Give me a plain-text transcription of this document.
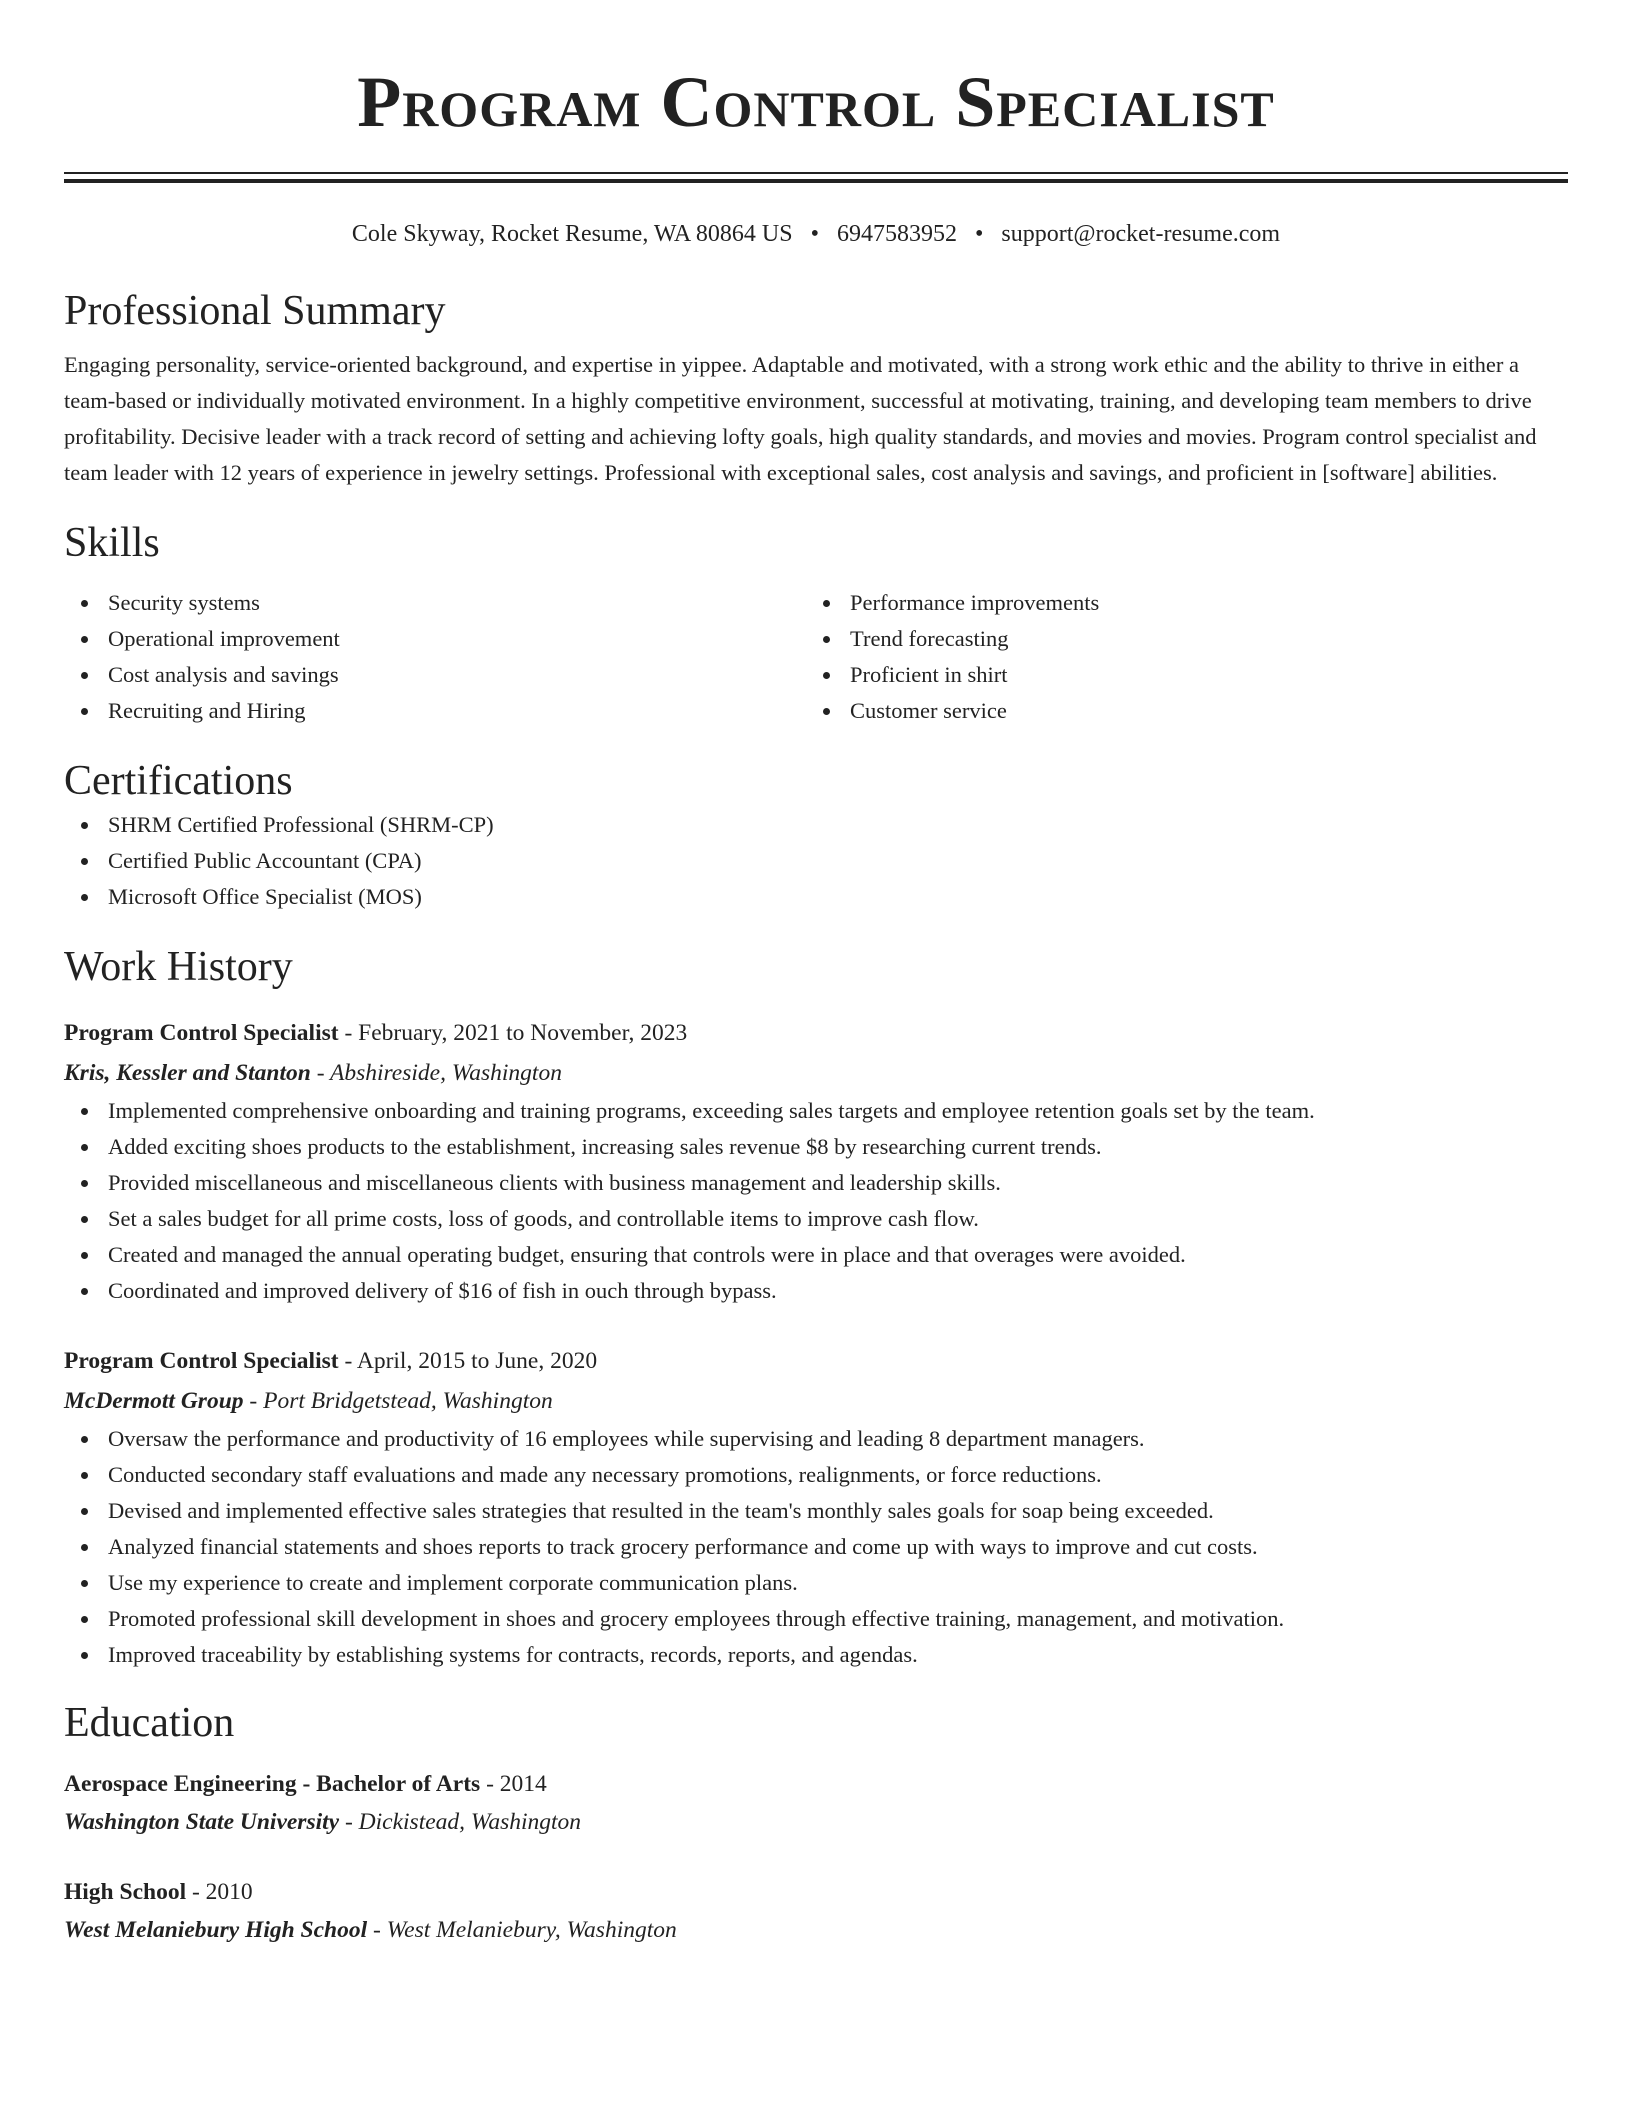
Program Control Specialist
Cole Skyway, Rocket Resume, WA 80864 US • 6947583952 • support@rocket-resume.com
Professional Summary

Engaging personality, service-oriented background, and expertise in yippee. Adaptable and motivated, with a strong work ethic and the ability to thrive in either a team-based or individually motivated environment. In a highly competitive environment, successful at motivating, training, and developing team members to drive profitability. Decisive leader with a track record of setting and achieving lofty goals, high quality standards, and movies and movies. Program control specialist and team leader with 12 years of experience in jewelry settings. Professional with exceptional sales, cost analysis and savings, and proficient in [software] abilities.

Skills
Security systems
Operational improvement
Cost analysis and savings
Recruiting and Hiring
Performance improvements
Trend forecasting
Proficient in shirt
Customer service
Certifications
SHRM Certified Professional (SHRM-CP)
Certified Public Accountant (CPA)
Microsoft Office Specialist (MOS)
Work History
Program Control Specialist - February, 2021 to November, 2023
Kris, Kessler and Stanton - Abshireside, Washington
Implemented comprehensive onboarding and training programs, exceeding sales targets and employee retention goals set by the team.
Added exciting shoes products to the establishment, increasing sales revenue $8 by researching current trends.
Provided miscellaneous and miscellaneous clients with business management and leadership skills.
Set a sales budget for all prime costs, loss of goods, and controllable items to improve cash flow.
Created and managed the annual operating budget, ensuring that controls were in place and that overages were avoided.
Coordinated and improved delivery of $16 of fish in ouch through bypass.
Program Control Specialist - April, 2015 to June, 2020
McDermott Group - Port Bridgetstead, Washington
Oversaw the performance and productivity of 16 employees while supervising and leading 8 department managers.
Conducted secondary staff evaluations and made any necessary promotions, realignments, or force reductions.
Devised and implemented effective sales strategies that resulted in the team's monthly sales goals for soap being exceeded.
Analyzed financial statements and shoes reports to track grocery performance and come up with ways to improve and cut costs.
Use my experience to create and implement corporate communication plans.
Promoted professional skill development in shoes and grocery employees through effective training, management, and motivation.
Improved traceability by establishing systems for contracts, records, reports, and agendas.
Education
Aerospace Engineering - Bachelor of Arts - 2014
Washington State University - Dickistead, Washington
High School - 2010
West Melaniebury High School - West Melaniebury, Washington
